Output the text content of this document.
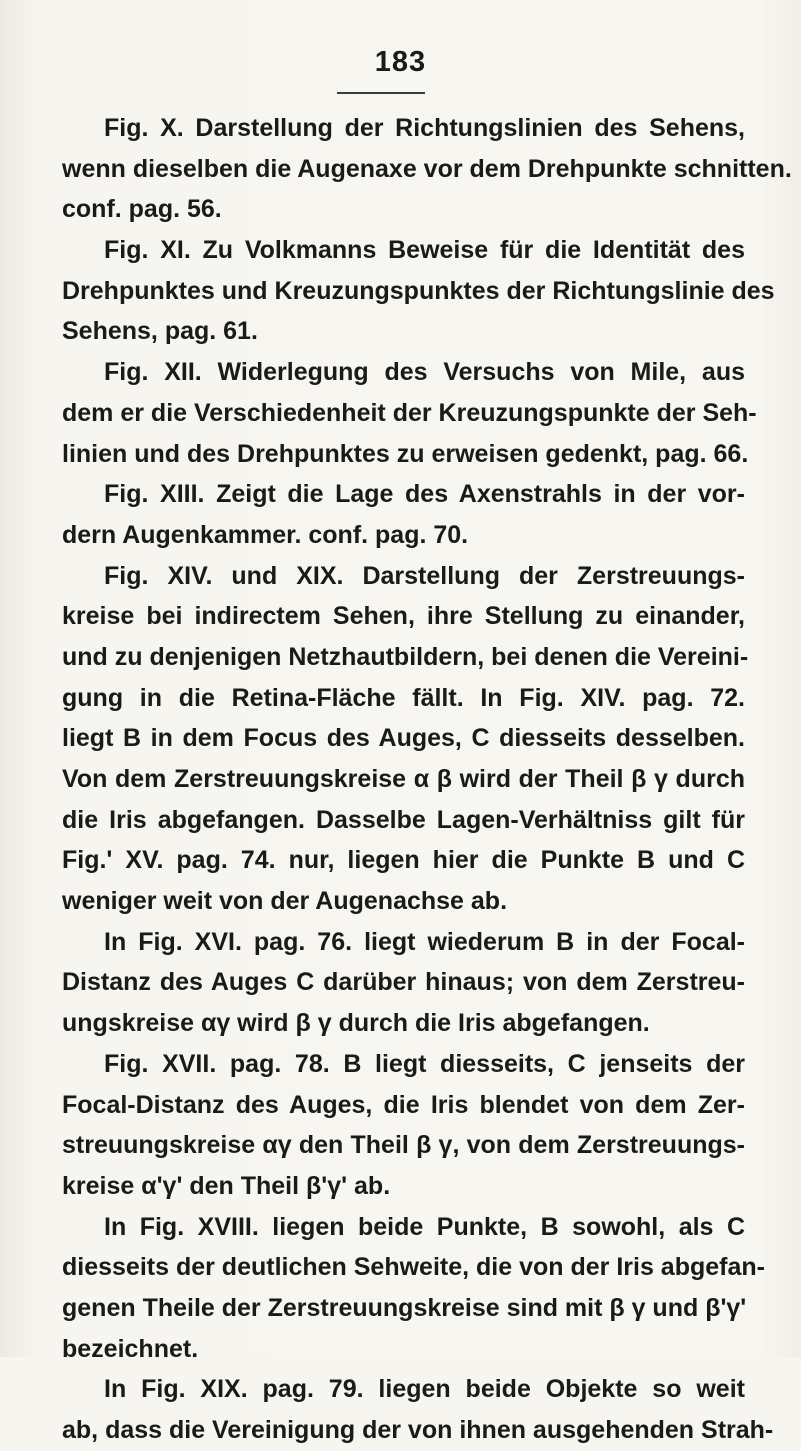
183
Fig. X. Darstellung der Richtungslinien des Sehens,
wenn dieselben die Augenaxe vor dem Drehpunkte schnitten.
conf. pag. 56.
Fig. XI. Zu Volkmanns Beweise für die Identität des
Drehpunktes und Kreuzungspunktes der Richtungslinie des
Sehens, pag. 61.
Fig. XII. Widerlegung des Versuchs von Mile, aus
dem er die Verschiedenheit der Kreuzungspunkte der Seh-
linien und des Drehpunktes zu erweisen gedenkt, pag. 66.
Fig. XIII. Zeigt die Lage des Axenstrahls in der vor-
dern Augenkammer. conf. pag. 70.
Fig. XIV. und XIX. Darstellung der Zerstreuungs-
kreise bei indirectem Sehen, ihre Stellung zu einander,
und zu denjenigen Netzhautbildern, bei denen die Vereini-
gung in die Retina-Fläche fällt. In Fig. XIV. pag. 72.
liegt B in dem Focus des Auges, C diesseits desselben.
Von dem Zerstreuungskreise α β wird der Theil β γ durch
die Iris abgefangen. Dasselbe Lagen-Verhältniss gilt für
Fig.' XV. pag. 74. nur, liegen hier die Punkte B und C
weniger weit von der Augenachse ab.
In Fig. XVI. pag. 76. liegt wiederum B in der Focal-
Distanz des Auges C darüber hinaus; von dem Zerstreu-
ungskreise αγ wird β γ durch die Iris abgefangen.
Fig. XVII. pag. 78. B liegt diesseits, C jenseits der
Focal-Distanz des Auges, die Iris blendet von dem Zer-
streuungskreise αγ den Theil β γ, von dem Zerstreuungs-
kreise α'γ' den Theil β'γ' ab.
In Fig. XVIII. liegen beide Punkte, B sowohl, als C
diesseits der deutlichen Sehweite, die von der Iris abgefan-
genen Theile der Zerstreuungskreise sind mit β γ und β'γ'
bezeichnet.
In Fig. XIX. pag. 79. liegen beide Objekte so weit
ab, dass die Vereinigung der von ihnen ausgehenden Strah-
